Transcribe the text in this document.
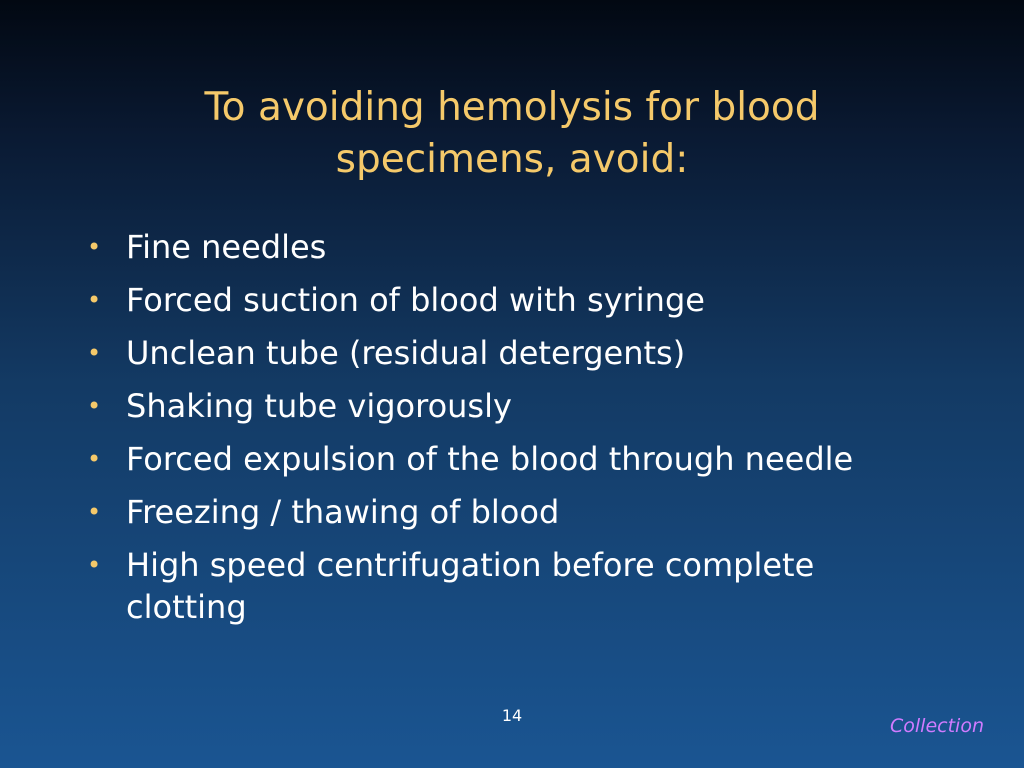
To avoiding hemolysis for blood specimens, avoid:
• Fine needles
• Forced suction of blood with syringe
• Unclean tube (residual detergents)
• Shaking tube vigorously
• Forced expulsion of the blood through needle
• Freezing / thawing of blood
• High speed centrifugation before complete clotting
14	Collection
